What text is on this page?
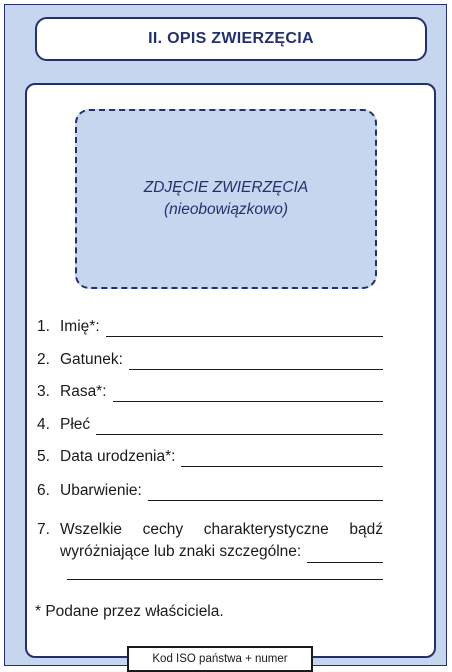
II. OPIS ZWIERZĘCIA
ZDJĘCIE ZWIERZĘCIA
(nieobowiązkowo)
1. Imię*:
2. Gatunek:
3. Rasa*:
4. Płeć
5. Data urodzenia*:
6. Ubarwienie:
7. Wszelkie cechy charakterystyczne bądź
wyróżniające lub znaki szczególne:
* Podane przez właściciela.
Kod ISO państwa + numer
